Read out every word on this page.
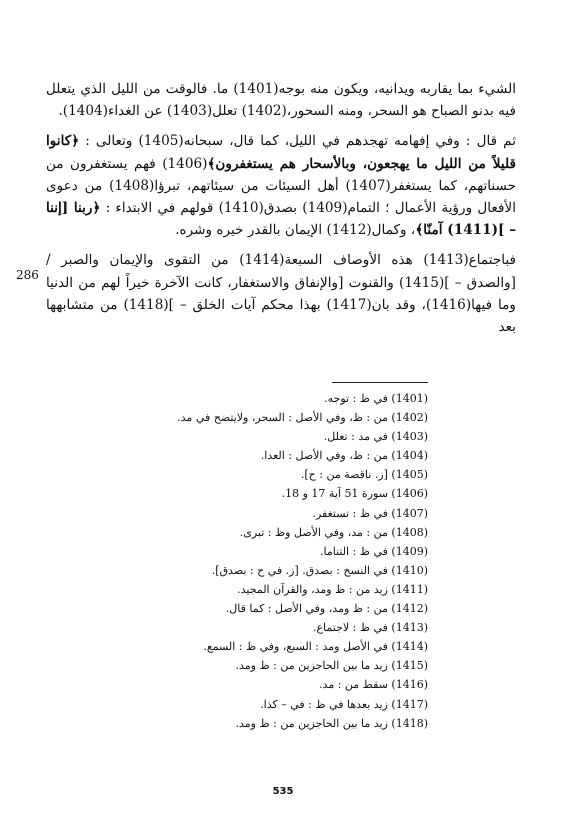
الشيء بما يقاربه ويدانيه، ويكون منه بوجه(1401) ما. فالوقت من الليل الذي يتعلل فيه بدنو الصباح هو السحر، ومنه السحور،(1402) تعلل(1403) عن الغداء(1404).

ثم قال : وفي إفهامه تهجدهم في الليل، كما قال، سبحانه(1405) وتعالى : ﴿كانوا قليلاً من الليل ما يهجعون، وبالأسحار هم يستغفرون﴾(1406) فهم يستغفرون من حسناتهم، كما يستغفر(1407) أهل السيئات من سيئاتهم، تبرؤا(1408) من دعوى الأفعال ورؤية الأعمال ؛ التمام(1409) بصدق(1410) قولهم في الابتداء : ﴿ربنا [إننا – ](1411) آمنّا﴾، وكمال(1412) الإيمان بالقدر خيره وشره.

فباجتماع(1413) هذه الأوصاف السبعة(1414) من التقوى والإيمان والصبر / [والصدق – ](1415) والقنوت [والإنفاق والاستغفار، كانت الآخرة خيراً لهم من الدنيا وما فيها(1416)، وقد بان(1417) بهذا محكم آيات الخلق – ](1418) من متشابهها بعد

286
(1401) في ظ : توجه.
(1402) من : ظ، وفي الأصل : السحر، ولايتضح في مد.
(1403) في مد : تعلل.
(1404) من : ظ، وفي الأصل : العدا.
(1405) [ز. ناقصة من : ح].
(1406) سورة 51 آية 17 و 18.
(1407) في ظ : تستغفر.
(1408) من : مد، وفي الأصل وظ : تبرى.
(1409) في ظ : التناما.
(1410) في النسخ : بصدق. [ز. في ح : بصدق].
(1411) زيد من : ظ ومد، والقرآن المجيد.
(1412) من : ظ ومد، وفي الأصل : كما قال.
(1413) في ظ : لاجتماع.
(1414) في الأصل ومد : السبع، وفي ظ : السمع.
(1415) زيد ما بين الحاجزين من : ظ ومد.
(1416) سقط من : مد.
(1417) زيد بعدها في ظ : في – كذا.
(1418) زيد ما بين الحاجزين من : ظ ومد.
535
